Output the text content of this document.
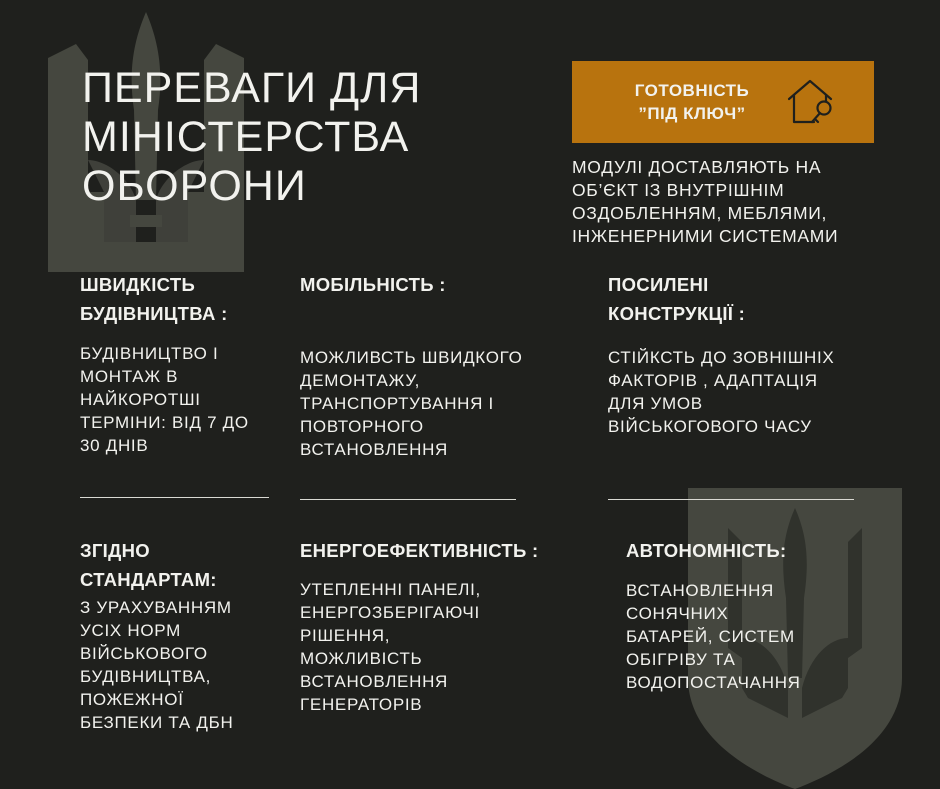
ПЕРЕВАГИ ДЛЯ МІНІСТЕРСТВА ОБОРОНИ
ГОТОВНІСТЬ
”ПІД КЛЮЧ”
МОДУЛІ ДОСТАВЛЯЮТЬ НА
ОБ’ЄКТ ІЗ ВНУТРІШНІМ
ОЗДОБЛЕННЯМ, МЕБЛЯМИ,
ІНЖЕНЕРНИМИ СИСТЕМАМИ
ШВИДКІСТЬ
БУДІВНИЦТВА :
БУДІВНИЦТВО І
МОНТАЖ В
НАЙКОРОТШІ
ТЕРМІНИ: ВІД 7 ДО
30 ДНІВ
МОБІЛЬНІСТЬ :
МОЖЛИВСТЬ ШВИДКОГО
ДЕМОНТАЖУ,
ТРАНСПОРТУВАННЯ І
ПОВТОРНОГО
ВСТАНОВЛЕННЯ
ПОСИЛЕНІ
КОНСТРУКЦІЇ :
СТІЙКСТЬ ДО ЗОВНІШНІХ
ФАКТОРІВ , АДАПТАЦІЯ
ДЛЯ УМОВ
ВІЙСЬКОГОВОГО ЧАСУ
ЗГІДНО
СТАНДАРТАМ:
З УРАХУВАННЯМ
УСІХ НОРМ
ВІЙСЬКОВОГО
БУДІВНИЦТВА,
ПОЖЕЖНОЇ
БЕЗПЕКИ ТА ДБН
ЕНЕРГОЕФЕКТИВНІСТЬ :
УТЕПЛЕННІ ПАНЕЛІ,
ЕНЕРГОЗБЕРІГАЮЧІ
РІШЕННЯ,
МОЖЛИВІСТЬ
ВСТАНОВЛЕННЯ
ГЕНЕРАТОРІВ
АВТОНОМНІСТЬ:
ВСТАНОВЛЕННЯ
СОНЯЧНИХ
БАТАРЕЙ, СИСТЕМ
ОБІГРІВУ ТА
ВОДОПОСТАЧАННЯ
